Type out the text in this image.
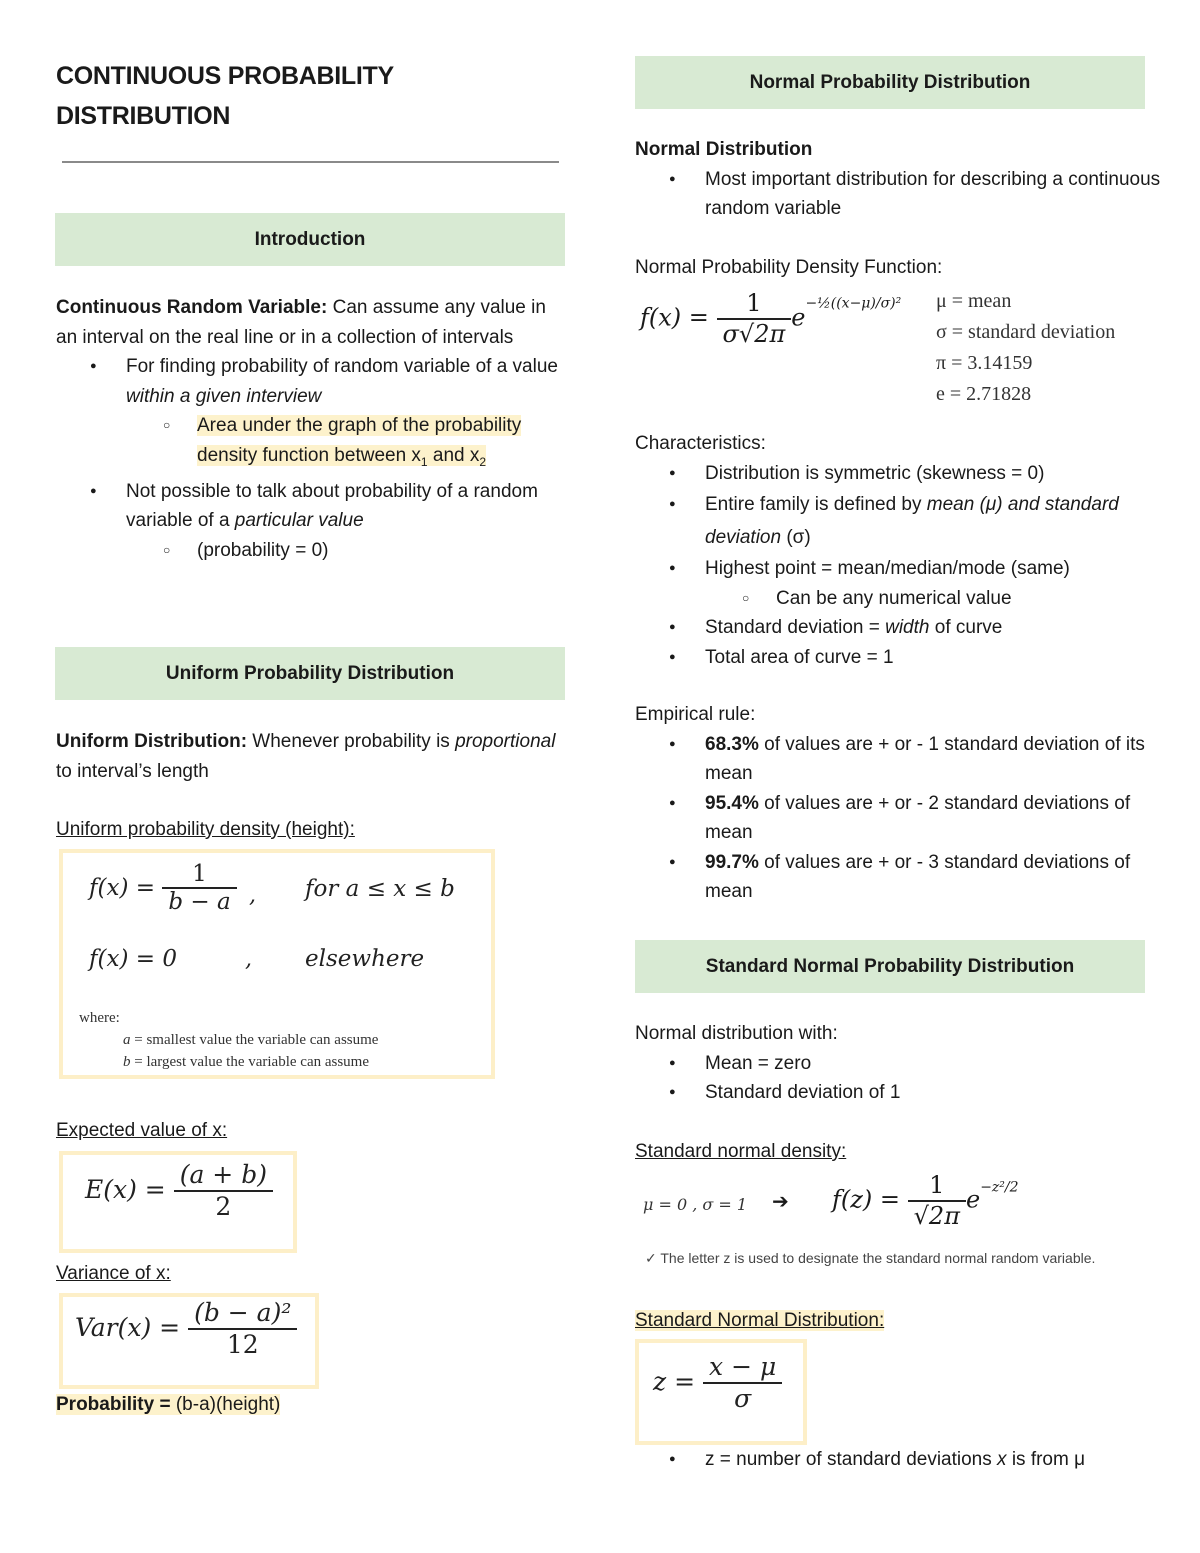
CONTINUOUS PROBABILITY DISTRIBUTION
Introduction
Continuous Random Variable: Can assume any value in an interval on the real line or in a collection of intervals
● For finding probability of random variable of a value within a given interview
○ Area under the graph of the probability density function between $x_1$ and $x_2$
● Not possible to talk about probability of a random variable of a particular value
○ (probability = 0)
Uniform Probability Distribution
Uniform Distribution: Whenever probability is proportional to interval’s length
Uniform probability density (height):
$f(x) = \frac{1}{b - a}$ , for a ≤ x ≤ b
f(x) = 0	, elsewhere
where:
a = smallest value the variable can assume
b = largest value the variable can assume
Expected value of x:
$E(x) = \frac{(a + b)}{2}$
Variance of x:
$Var(x) = \frac{\text{(b − a)²}}{12}$
Probability = (b-a)(height)
Normal Probability Distribution
Normal Distribution
● Most important distribution for describing a continuous random variable
Normal Probability Density Function:
$f(x) = \frac{1}{\sigma√2\pi} e^{-\frac{1}{2}((x-\mu)/\sigma)^2}$ μ = mean
σ = standard deviation
π = 3.14159
e = 2.71828
Characteristics:
● Distribution is symmetric (skewness = 0)
● Entire family is defined by mean (μ) and standard deviation (σ)
● Highest point = mean/median/mode (same)
○ Can be any numerical value
● Standard deviation = width of curve
● Total area of curve = 1
Empirical rule:
● 68.3% of values are + or - 1 standard deviation of its mean
● 95.4% of values are + or - 2 standard deviations of mean
● 99.7% of values are + or - 3 standard deviations of mean
Standard Normal Probability Distribution
Normal distribution with:
● Mean = zero
● Standard deviation of 1
Standard normal density:
μ = 0 , σ = 1 ➔ $f(z) = \frac{1}{√2\pi} e^{-z^2/2}$
✓ The letter z is used to designate the standard normal random variable.
Standard Normal Distribution:
$z = \frac{x - \mu}{\sigma}$
● z = number of standard deviations x is from μ
